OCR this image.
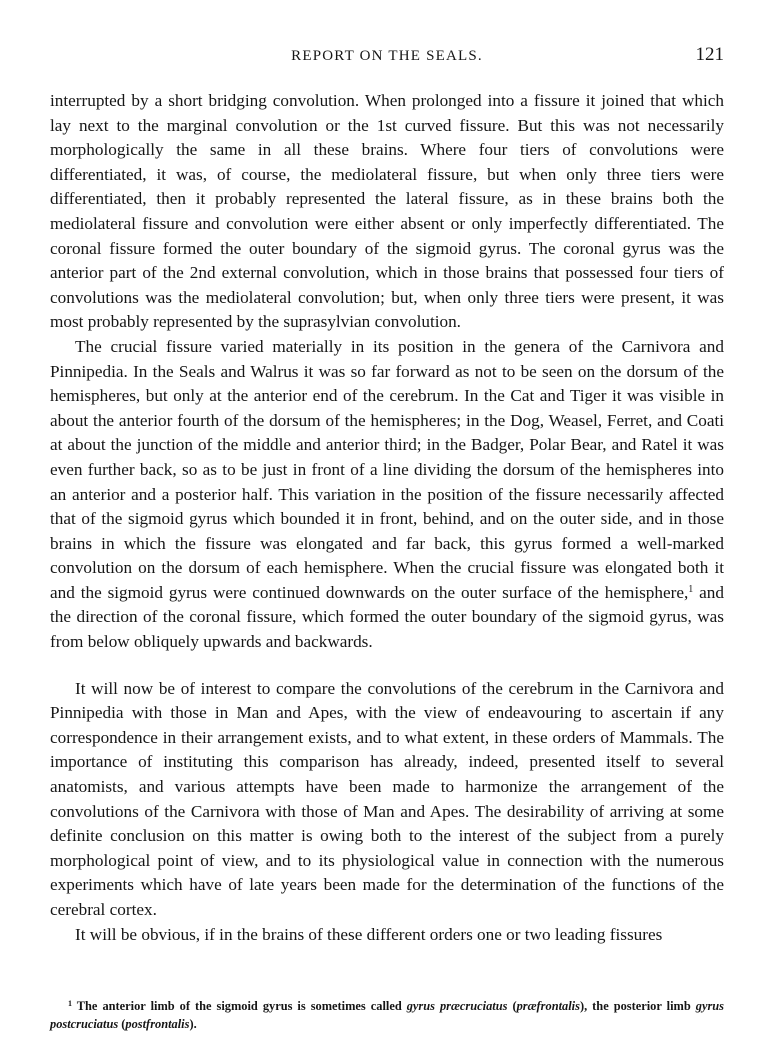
REPORT ON THE SEALS.	121

interrupted by a short bridging convolution. When prolonged into a fissure it joined that which lay next to the marginal convolution or the 1st curved fissure. But this was not necessarily morphologically the same in all these brains. Where four tiers of convolutions were differentiated, it was, of course, the mediolateral fissure, but when only three tiers were differentiated, then it probably represented the lateral fissure, as in these brains both the mediolateral fissure and convolution were either absent or only imperfectly differentiated. The coronal fissure formed the outer boundary of the sigmoid gyrus. The coronal gyrus was the anterior part of the 2nd external convolution, which in those brains that possessed four tiers of convolutions was the mediolateral convolution; but, when only three tiers were present, it was most probably represented by the suprasylvian convolution.

The crucial fissure varied materially in its position in the genera of the Carnivora and Pinnipedia. In the Seals and Walrus it was so far forward as not to be seen on the dorsum of the hemispheres, but only at the anterior end of the cerebrum. In the Cat and Tiger it was visible in about the anterior fourth of the dorsum of the hemispheres; in the Dog, Weasel, Ferret, and Coati at about the junction of the middle and anterior third; in the Badger, Polar Bear, and Ratel it was even further back, so as to be just in front of a line dividing the dorsum of the hemispheres into an anterior and a posterior half. This variation in the position of the fissure necessarily affected that of the sigmoid gyrus which bounded it in front, behind, and on the outer side, and in those brains in which the fissure was elongated and far back, this gyrus formed a well-marked convolution on the dorsum of each hemisphere. When the crucial fissure was elongated both it and the sigmoid gyrus were continued downwards on the outer surface of the hemisphere,$^1$ and the direction of the coronal fissure, which formed the outer boundary of the sigmoid gyrus, was from below obliquely upwards and backwards.

It will now be of interest to compare the convolutions of the cerebrum in the Carnivora and Pinnipedia with those in Man and Apes, with the view of endeavouring to ascertain if any correspondence in their arrangement exists, and to what extent, in these orders of Mammals. The importance of instituting this comparison has already, indeed, presented itself to several anatomists, and various attempts have been made to harmonize the arrangement of the convolutions of the Carnivora with those of Man and Apes. The desirability of arriving at some definite conclusion on this matter is owing both to the interest of the subject from a purely morphological point of view, and to its physiological value in connection with the numerous experiments which have of late years been made for the determination of the functions of the cerebral cortex.

It will be obvious, if in the brains of these different orders one or two leading fissures

$^1$ The anterior limb of the sigmoid gyrus is sometimes called gyrus præcruciatus (præfrontalis), the posterior limb gyrus postcruciatus (postfrontalis).
